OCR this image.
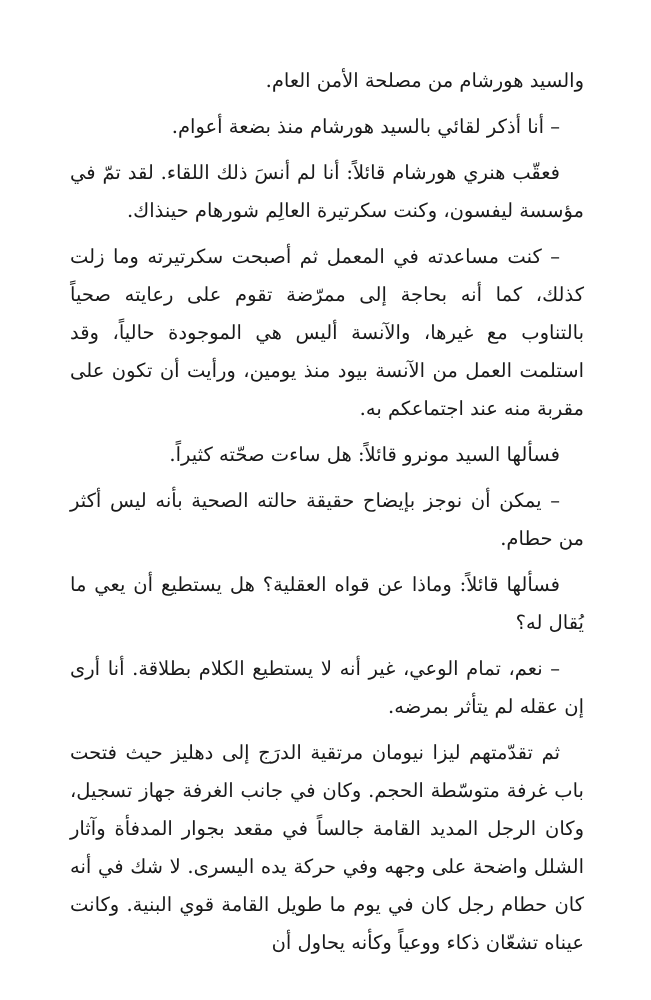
والسيد هورشام من مصلحة الأمن العام.

– أنا أذكر لقائي بالسيد هورشام منذ بضعة أعوام.

فعقّب هنري هورشام قائلاً: أنا لم أنسَ ذلك اللقاء. لقد تمّ في مؤسسة ليفسون، وكنت سكرتيرة العالِم شورهام حينذاك.

– كنت مساعدته في المعمل ثم أصبحت سكرتيرته وما زلت كذلك، كما أنه بحاجة إلى ممرّضة تقوم على رعايته صحياً بالتناوب مع غيرها، والآنسة أليس هي الموجودة حالياً، وقد استلمت العمل من الآنسة بيود منذ يومين، ورأيت أن تكون على مقربة منه عند اجتماعكم به.

فسألها السيد مونرو قائلاً: هل ساءت صحّته كثيراً.

– يمكن أن نوجز بإيضاح حقيقة حالته الصحية بأنه ليس أكثر من حطام.

فسألها قائلاً: وماذا عن قواه العقلية؟ هل يستطيع أن يعي ما يُقال له؟

– نعم، تمام الوعي، غير أنه لا يستطيع الكلام بطلاقة. أنا أرى إن عقله لم يتأثر بمرضه.

ثم تقدّمتهم ليزا نيومان مرتقية الدرَج إلى دهليز حيث فتحت باب غرفة متوسّطة الحجم. وكان في جانب الغرفة جهاز تسجيل، وكان الرجل المديد القامة جالساً في مقعد بجوار المدفأة وآثار الشلل واضحة على وجهه وفي حركة يده اليسرى. لا شك في أنه كان حطام رجل كان في يوم ما طويل القامة قوي البنية. وكانت عيناه تشعّان ذكاء ووعياً وكأنه يحاول أن
